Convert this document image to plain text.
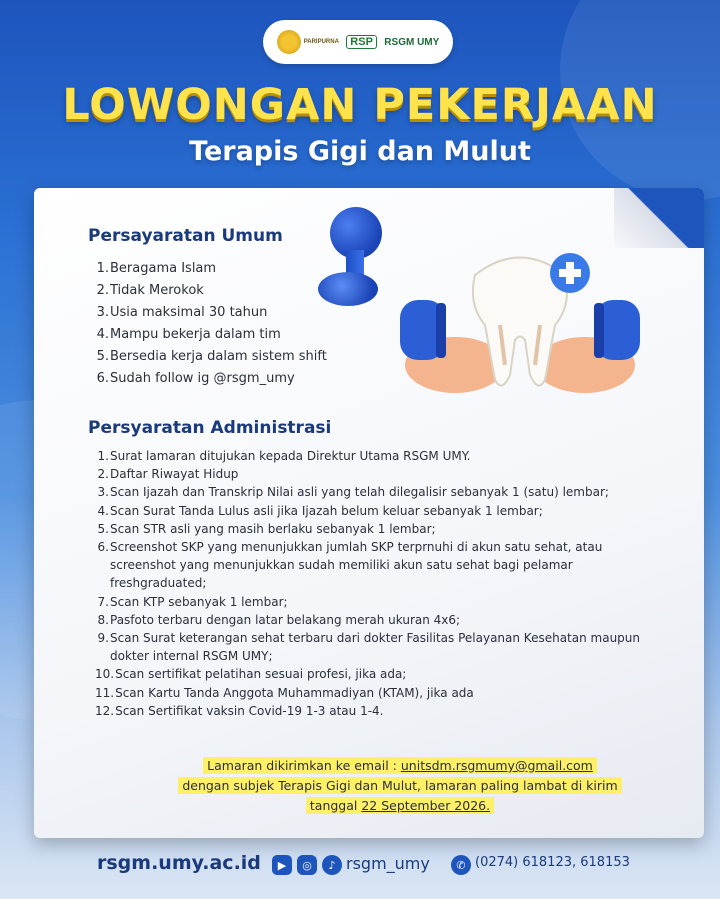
PARIPURNA	RSP	RSGM UMY
LOWONGAN PEKERJAAN
Terapis Gigi dan Mulut
Persayaratan Umum
1. Beragama Islam
2. Tidak Merokok
3. Usia maksimal 30 tahun
4. Mampu bekerja dalam tim
5. Bersedia kerja dalam sistem shift
6. Sudah follow ig @rsgm_umy
Persyaratan Administrasi
1. Surat lamaran ditujukan kepada Direktur Utama RSGM UMY.
2. Daftar Riwayat Hidup
3. Scan Ijazah dan Transkrip Nilai asli yang telah dilegalisir sebanyak 1 (satu) lembar;
4. Scan Surat Tanda Lulus asli jika Ijazah belum keluar sebanyak 1 lembar;
5. Scan STR asli yang masih berlaku sebanyak 1 lembar;
6. Screenshot SKP yang menunjukkan jumlah SKP terprnuhi di akun satu sehat, atau screenshot yang menunjukkan sudah memiliki akun satu sehat bagi pelamar freshgraduated;
7. Scan KTP sebanyak 1 lembar;
8. Pasfoto terbaru dengan latar belakang merah ukuran 4x6;
9. Scan Surat keterangan sehat terbaru dari dokter Fasilitas Pelayanan Kesehatan maupun dokter internal RSGM UMY;
10. Scan sertifikat pelatihan sesuai profesi, jika ada;
11. Scan Kartu Tanda Anggota Muhammadiyan (KTAM), jika ada
12. Scan Sertifikat vaksin Covid-19 1-3 atau 1-4.
Lamaran dikirimkan ke email : unitsdm.rsgmumy@gmail.com
dengan subjek Terapis Gigi dan Mulut, lamaran paling lambat di kirim
tanggal 22 September 2026.
rsgm.umy.ac.id	▶	◎	♪ rsgm_umy	✆ (0274) 618123, 618153
